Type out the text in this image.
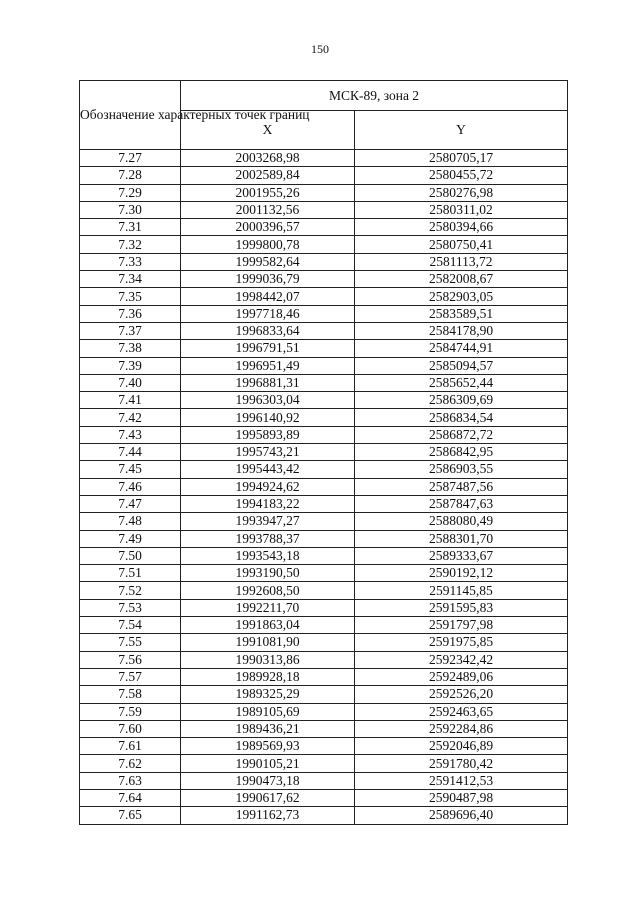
150
Обозначение характерных точек границ	МСК-89, зона 2	
	X	Y
7.27	2003268,98	2580705,17
7.28	2002589,84	2580455,72
7.29	2001955,26	2580276,98
7.30	2001132,56	2580311,02
7.31	2000396,57	2580394,66
7.32	1999800,78	2580750,41
7.33	1999582,64	2581113,72
7.34	1999036,79	2582008,67
7.35	1998442,07	2582903,05
7.36	1997718,46	2583589,51
7.37	1996833,64	2584178,90
7.38	1996791,51	2584744,91
7.39	1996951,49	2585094,57
7.40	1996881,31	2585652,44
7.41	1996303,04	2586309,69
7.42	1996140,92	2586834,54
7.43	1995893,89	2586872,72
7.44	1995743,21	2586842,95
7.45	1995443,42	2586903,55
7.46	1994924,62	2587487,56
7.47	1994183,22	2587847,63
7.48	1993947,27	2588080,49
7.49	1993788,37	2588301,70
7.50	1993543,18	2589333,67
7.51	1993190,50	2590192,12
7.52	1992608,50	2591145,85
7.53	1992211,70	2591595,83
7.54	1991863,04	2591797,98
7.55	1991081,90	2591975,85
7.56	1990313,86	2592342,42
7.57	1989928,18	2592489,06
7.58	1989325,29	2592526,20
7.59	1989105,69	2592463,65
7.60	1989436,21	2592284,86
7.61	1989569,93	2592046,89
7.62	1990105,21	2591780,42
7.63	1990473,18	2591412,53
7.64	1990617,62	2590487,98
7.65	1991162,73	2589696,40
